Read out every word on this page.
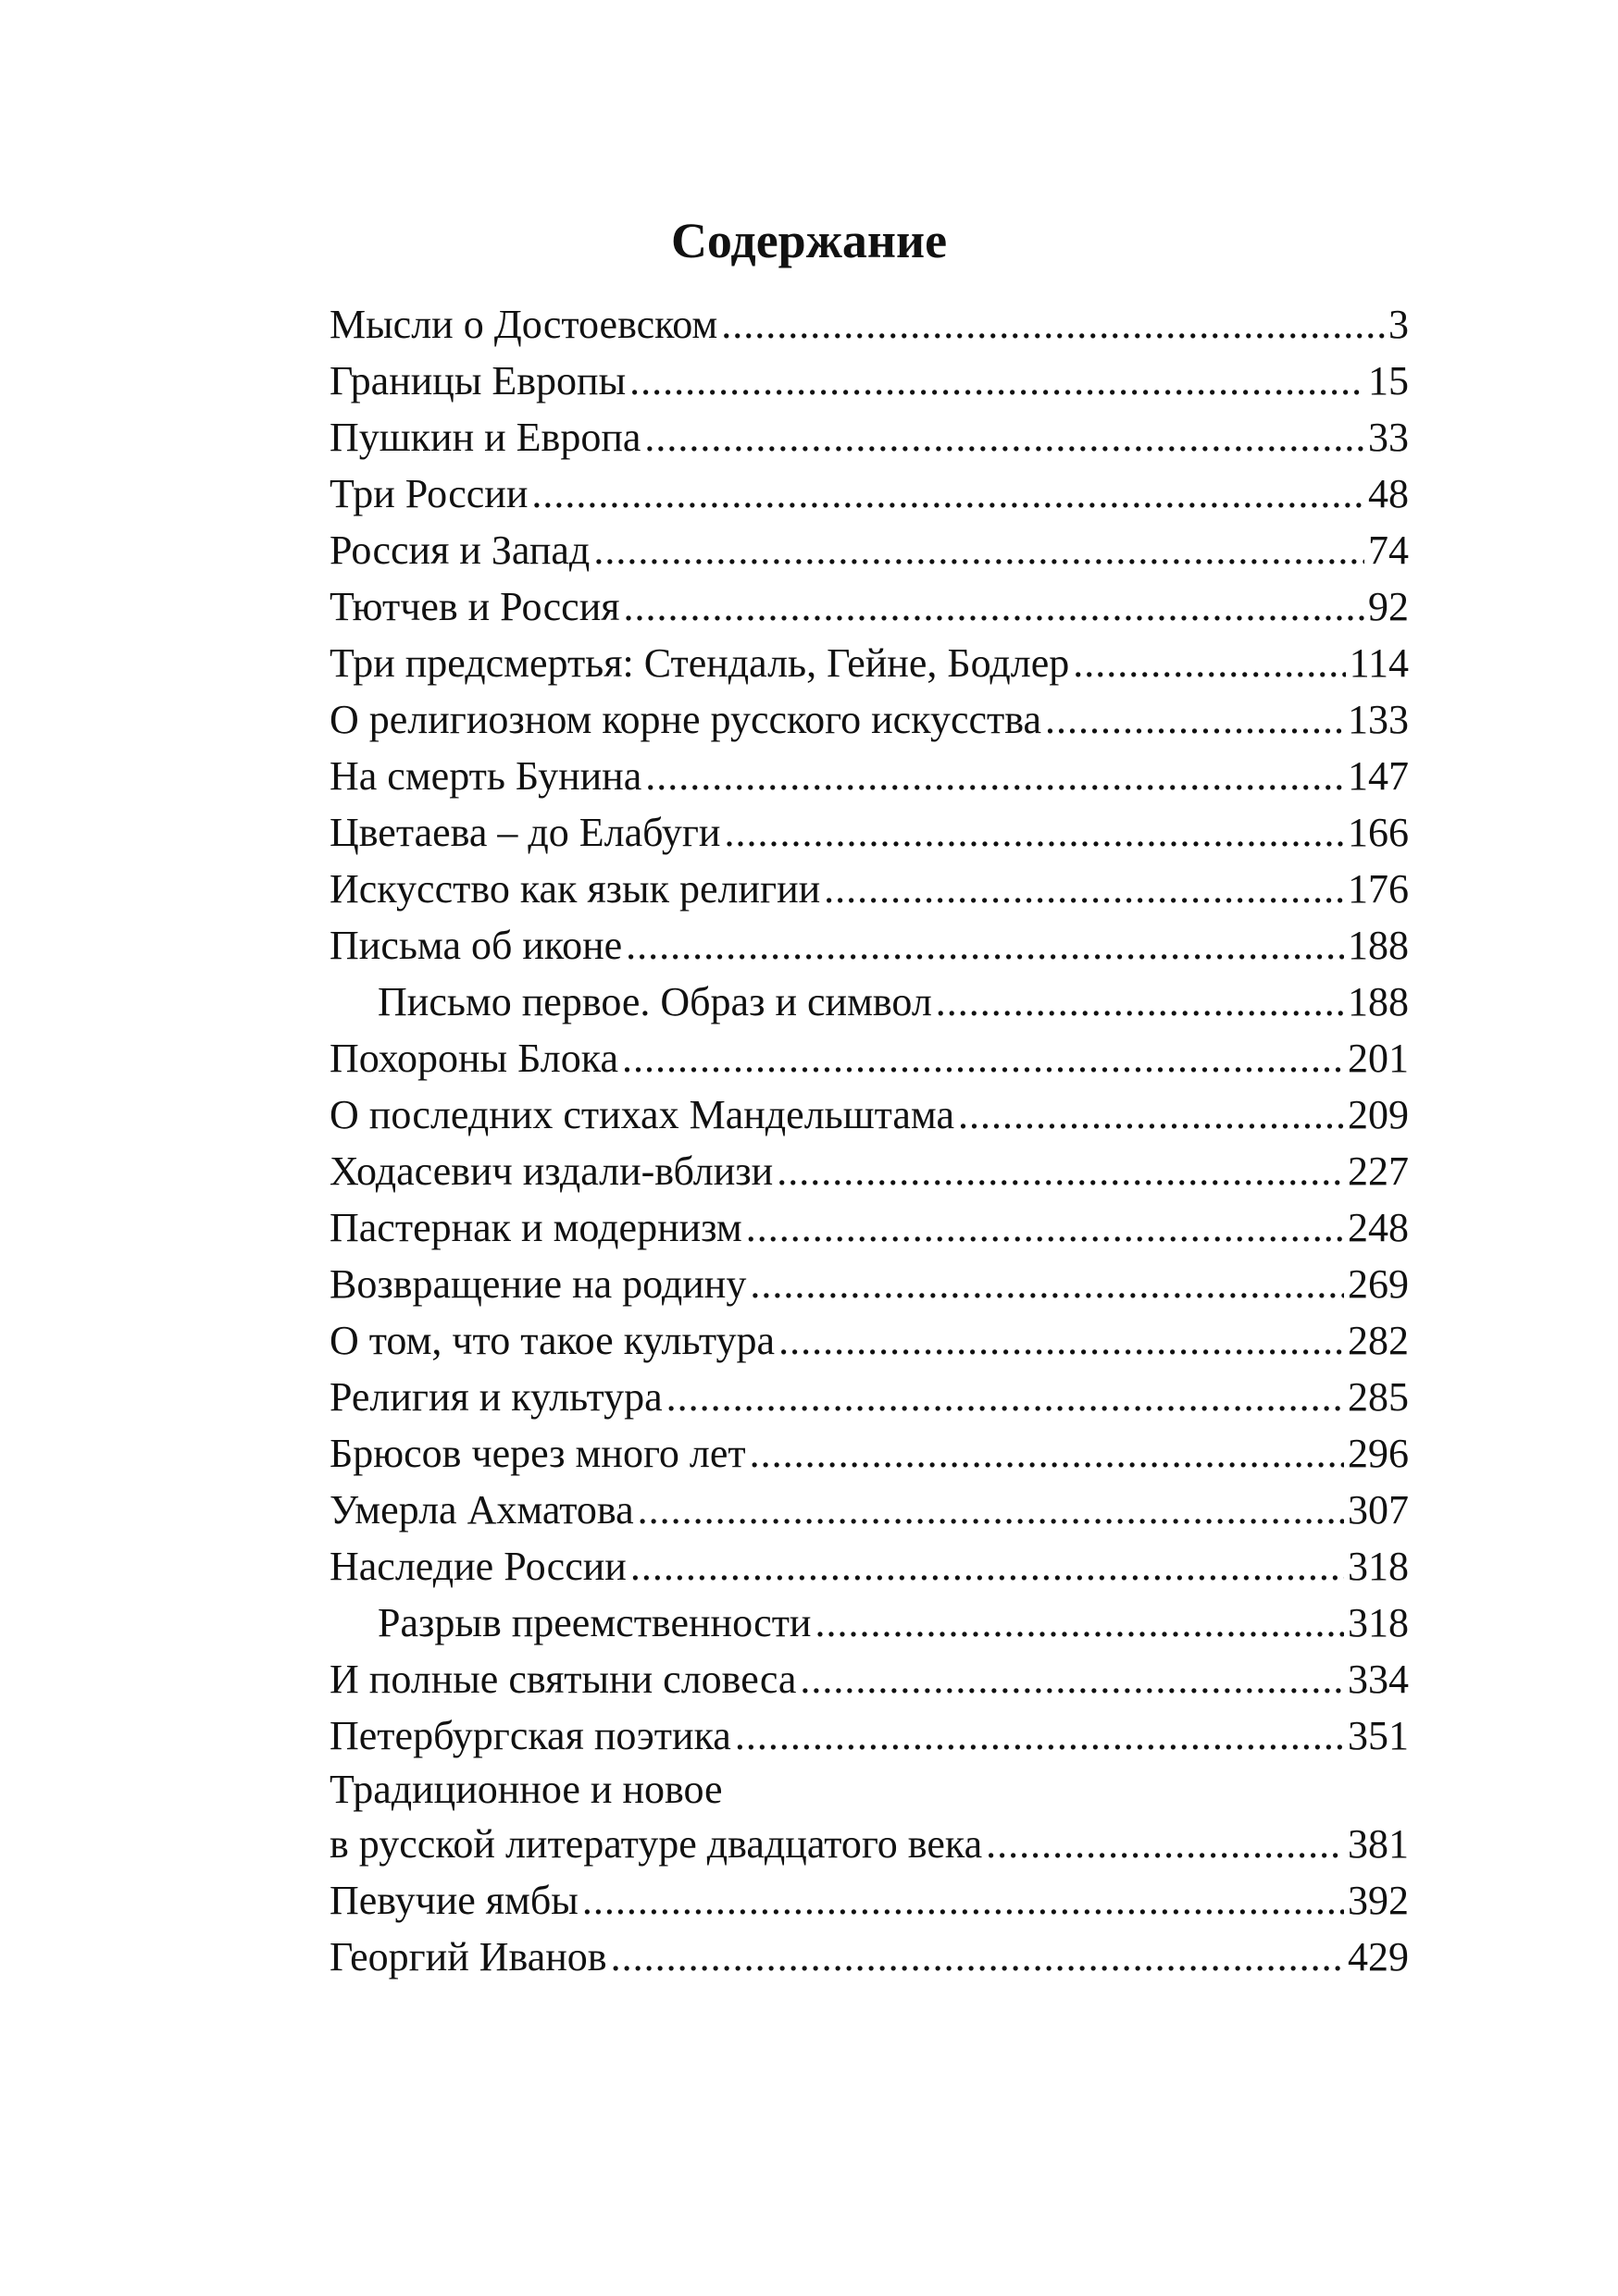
Содержание
Мысли о Достоевском .....	3
Границы Европы .....	15
Пушкин и Европа .....	33
Три России .....	48
Россия и Запад .....	74
Тютчев и Россия .....	92
Три предсмертья: Стендаль, Гейне, Бодлер .....	114
О религиозном корне русского искусства .....	133
На смерть Бунина .....	147
Цветаева – до Елабуги .....	166
Искусство как язык религии .....	176
Письма об иконе .....	188
Письмо первое. Образ и символ .....	188
Похороны Блока .....	201
О последних стихах Мандельштама .....	209
Ходасевич издали-вблизи .....	227
Пастернак и модернизм .....	248
Возвращение на родину .....	269
О том, что такое культура .....	282
Религия и культура .....	285
Брюсов через много лет .....	296
Умерла Ахматова .....	307
Наследие России .....	318
Разрыв преемственности .....	318
И полные святыни словеса .....	334
Петербургская поэтика .....	351
Традиционное и новое
в русской литературе двадцатого века .....	381
Певучие ямбы .....	392
Георгий Иванов .....	429
